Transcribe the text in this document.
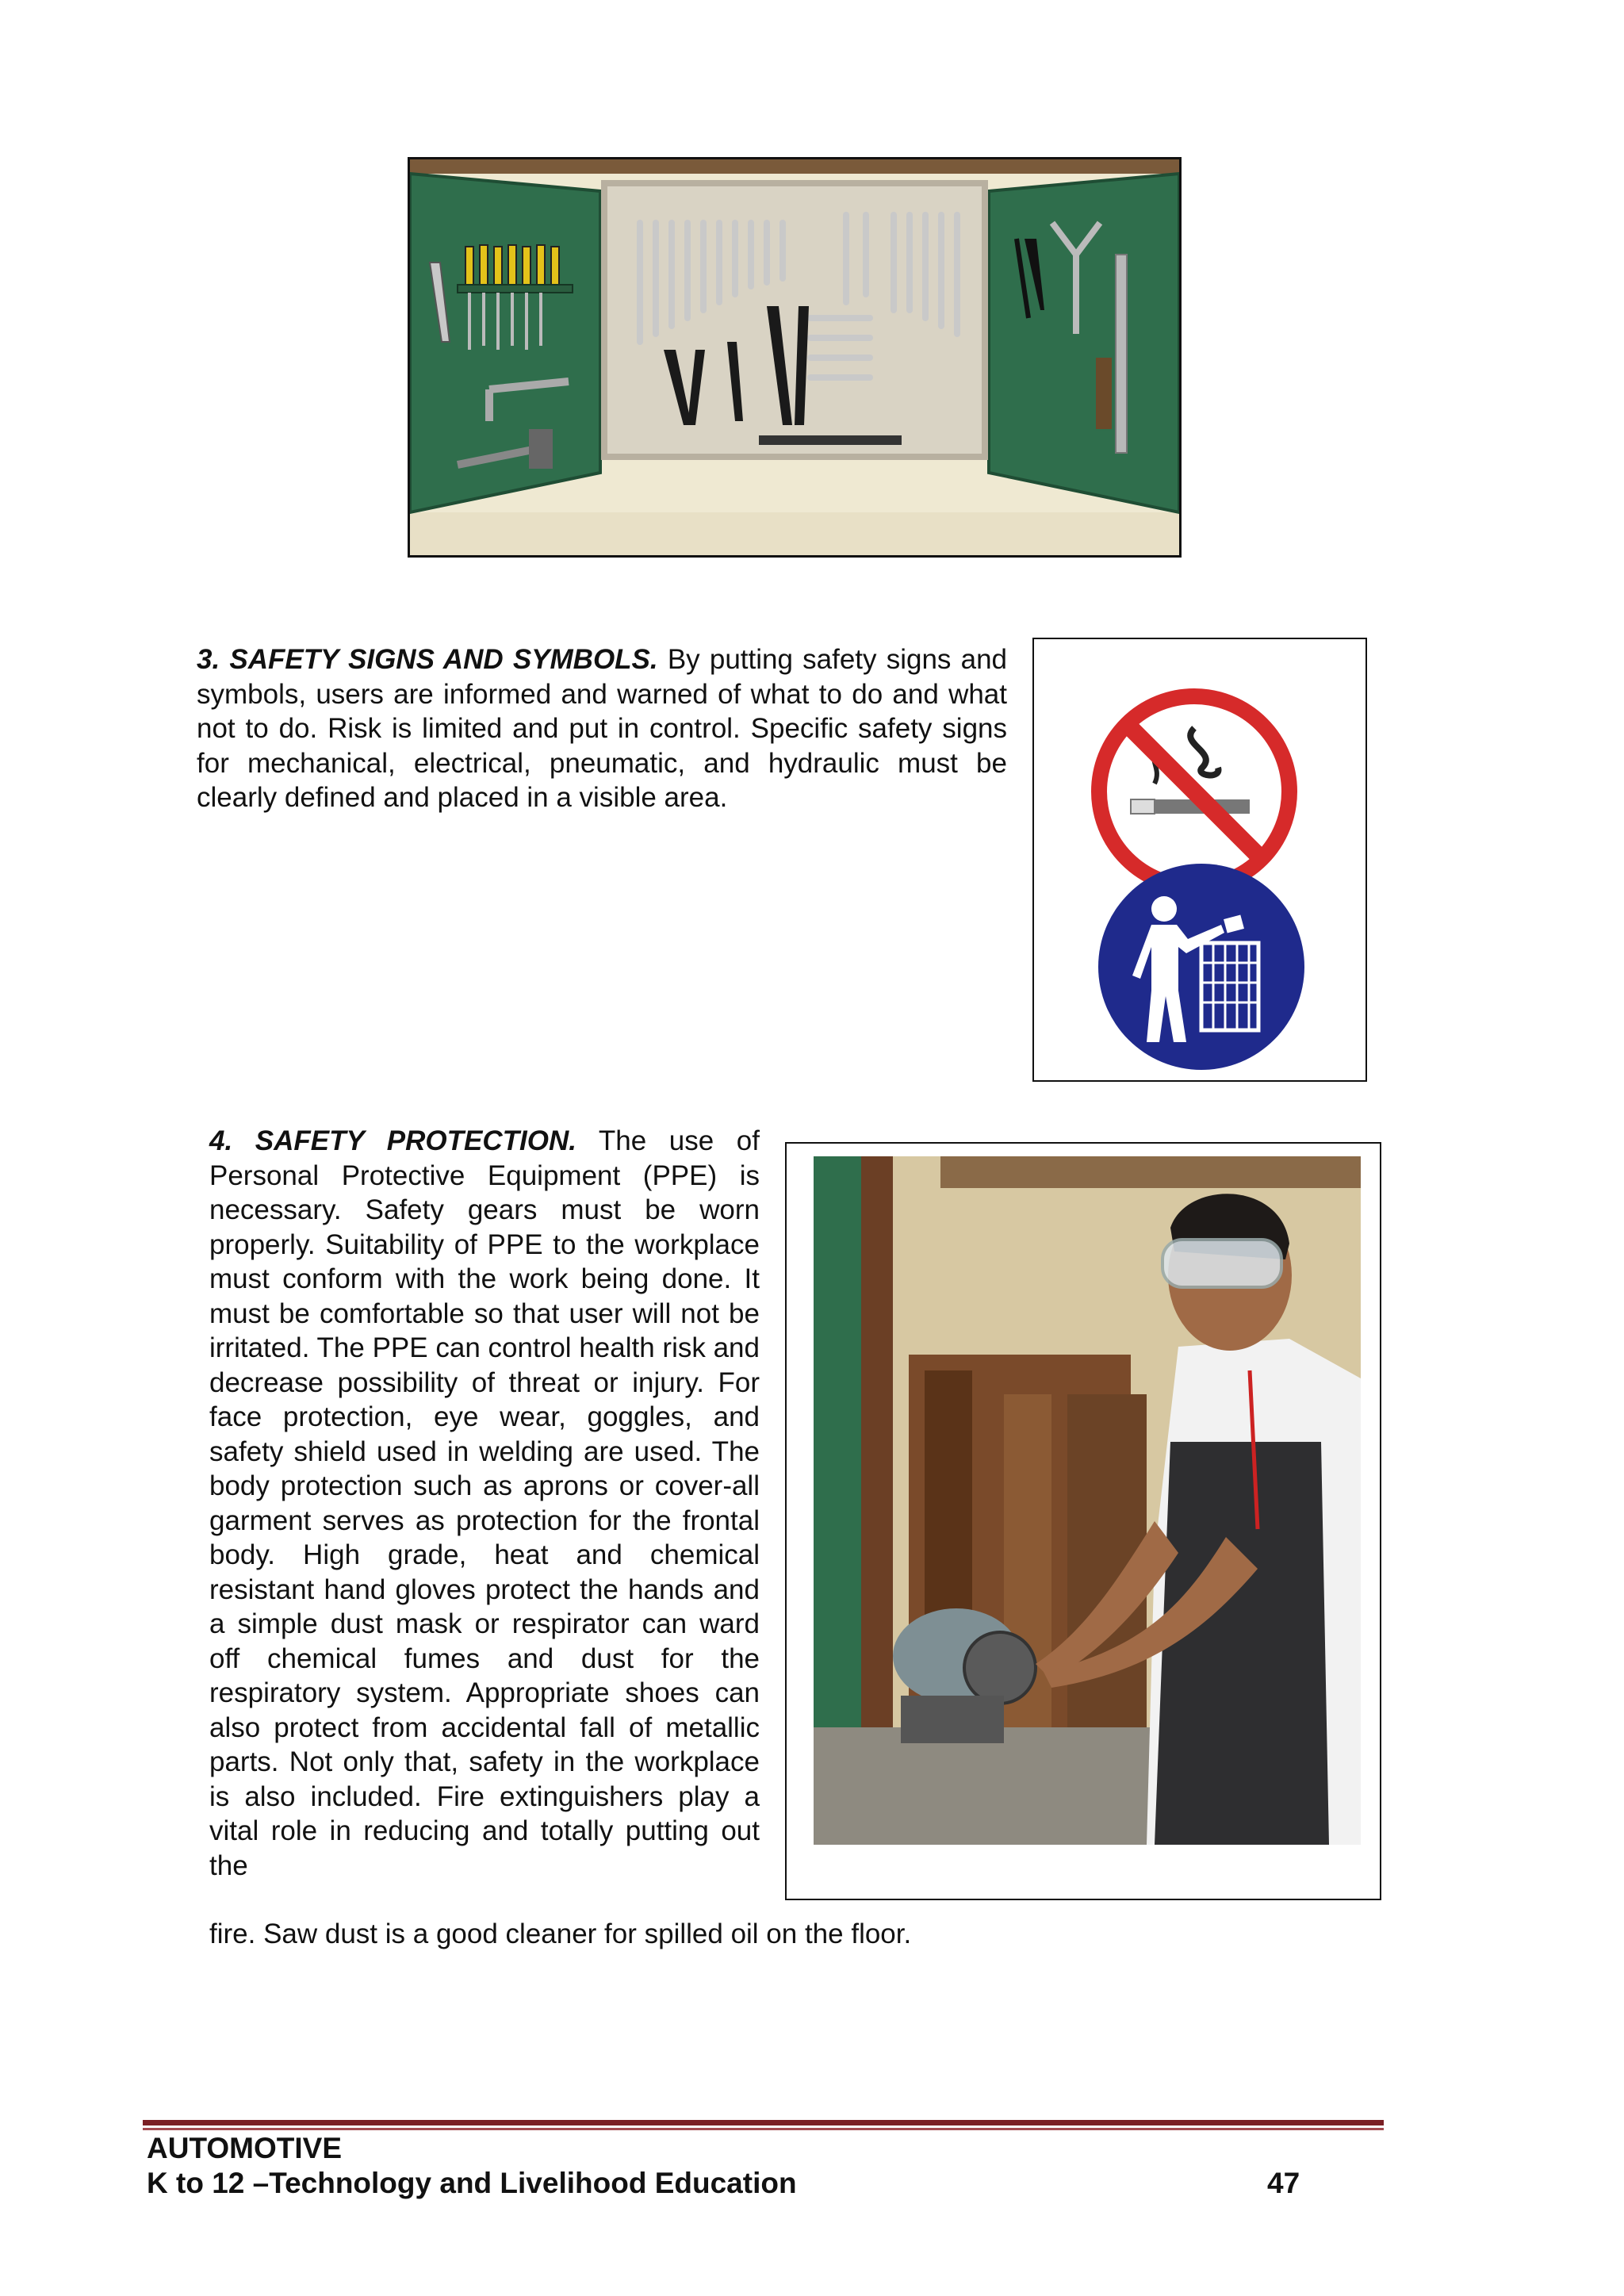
3. SAFETY SIGNS AND SYMBOLS. By putting safety signs and symbols, users are informed and warned of what to do and what not to do. Risk is limited and put in control. Specific safety signs for mechanical, electrical, pneumatic, and hydraulic must be clearly defined and placed in a visible area.

4. SAFETY PROTECTION. The use of Personal Protective Equipment (PPE) is necessary. Safety gears must be worn properly. Suitability of PPE to the workplace must conform with the work being done. It must be comfortable so that user will not be irritated. The PPE can control health risk and decrease possibility of threat or injury. For face protection, eye wear, goggles, and safety shield used in welding are used. The body protection such as aprons or cover-all garment serves as protection for the frontal body. High grade, heat and chemical resistant hand gloves protect the hands and a simple dust mask or respirator can ward off chemical fumes and dust for the respiratory system. Appropriate shoes can also protect from accidental fall of metallic parts. Not only that, safety in the workplace is also included. Fire extinguishers play a vital role in reducing and totally putting out the

fire. Saw dust is a good cleaner for spilled oil on the floor.

AUTOMOTIVE
K to 12 –Technology and Livelihood Education	47
